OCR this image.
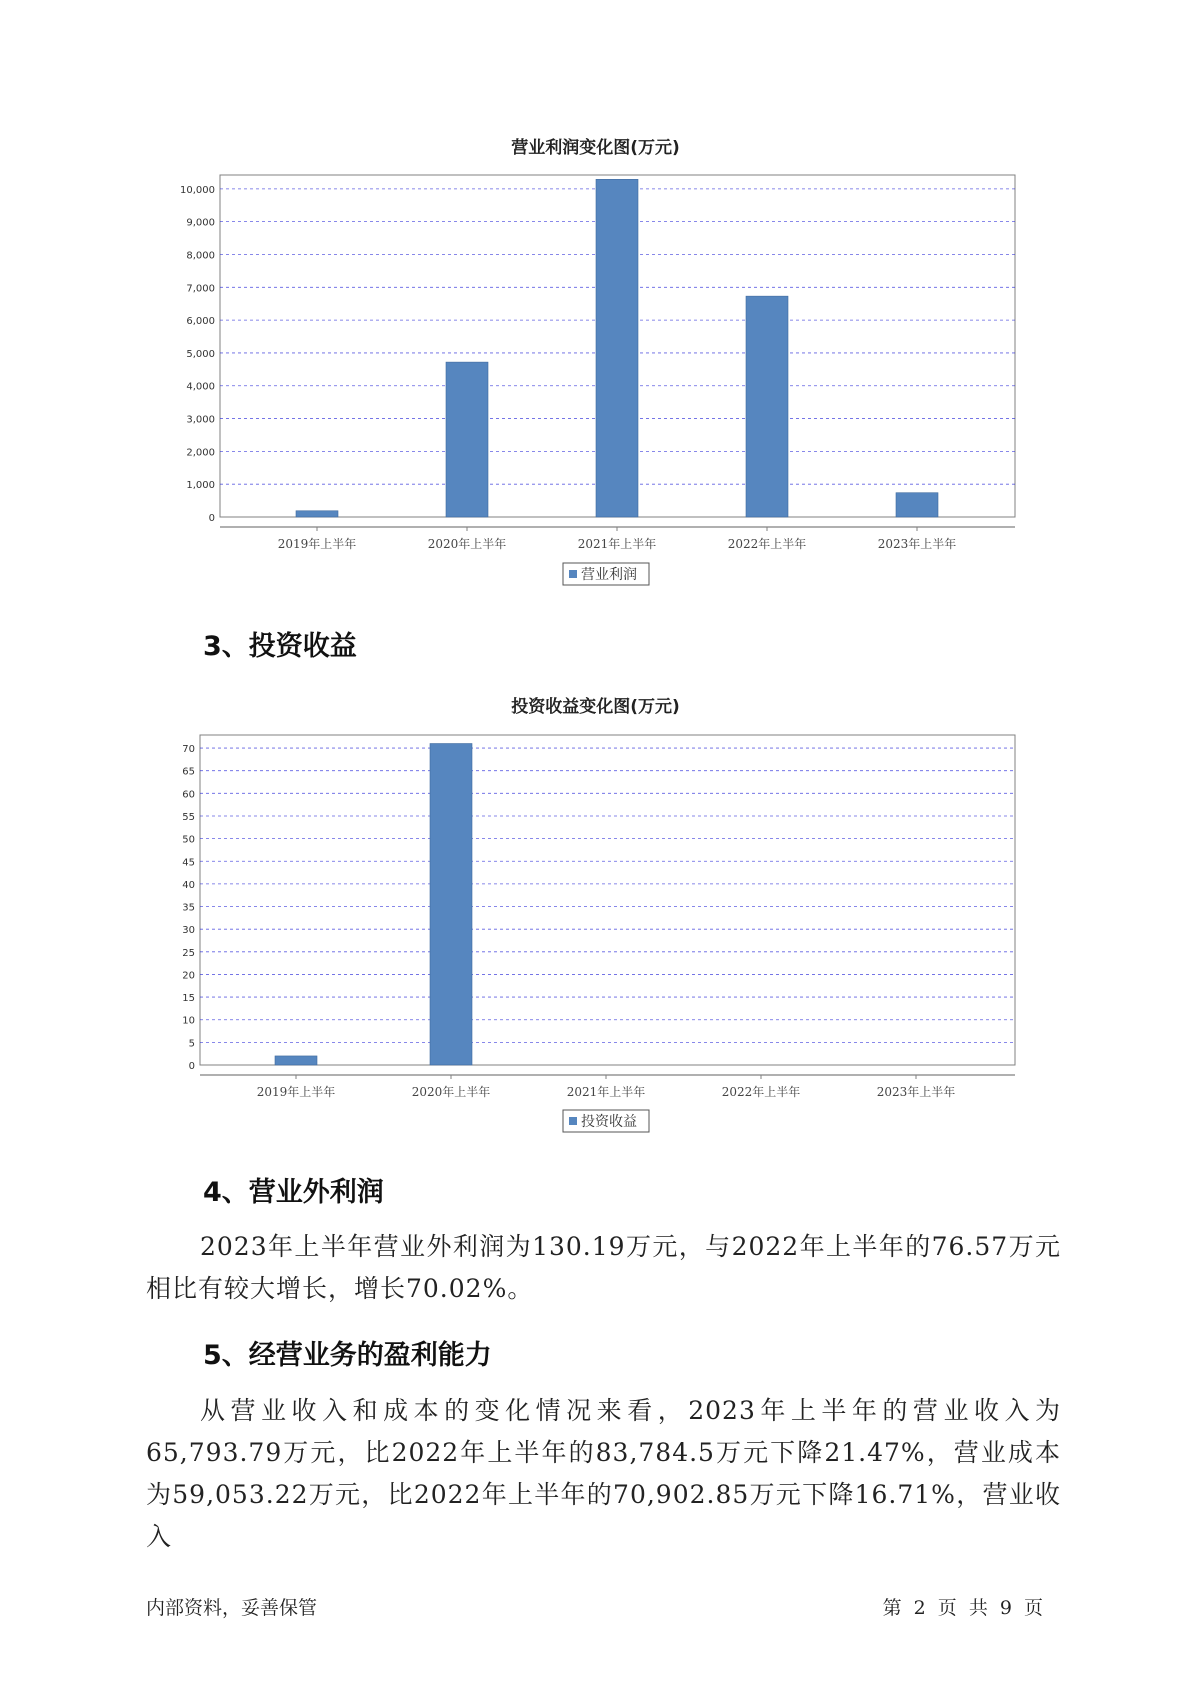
营业利润变化图(万元)
0
1,000
2,000
3,000
4,000
5,000
6,000
7,000
8,000
9,000
10,000
2019年上半年	2020年上半年	2021年上半年	2022年上半年	2023年上半年
营业利润
3、投资收益
投资收益变化图(万元)
0
5
10
15
20
25
30
35
40
45
50
55
60
65
70
2019年上半年	2020年上半年	2021年上半年	2022年上半年	2023年上半年
投资收益
4、营业外利润

2023年上半年营业外利润为130.19万元，与2022年上半年的76.57万元相比有较大增长，增长70.02%。

5、经营业务的盈利能力

从营业收入和成本的变化情况来看，2023年上半年的营业收入为65,793.79万元，比2022年上半年的83,784.5万元下降21.47%，营业成本为59,053.22万元，比2022年上半年的70,902.85万元下降16.71%，营业收入

内部资料，妥善保管	第 2 页 共 9 页
